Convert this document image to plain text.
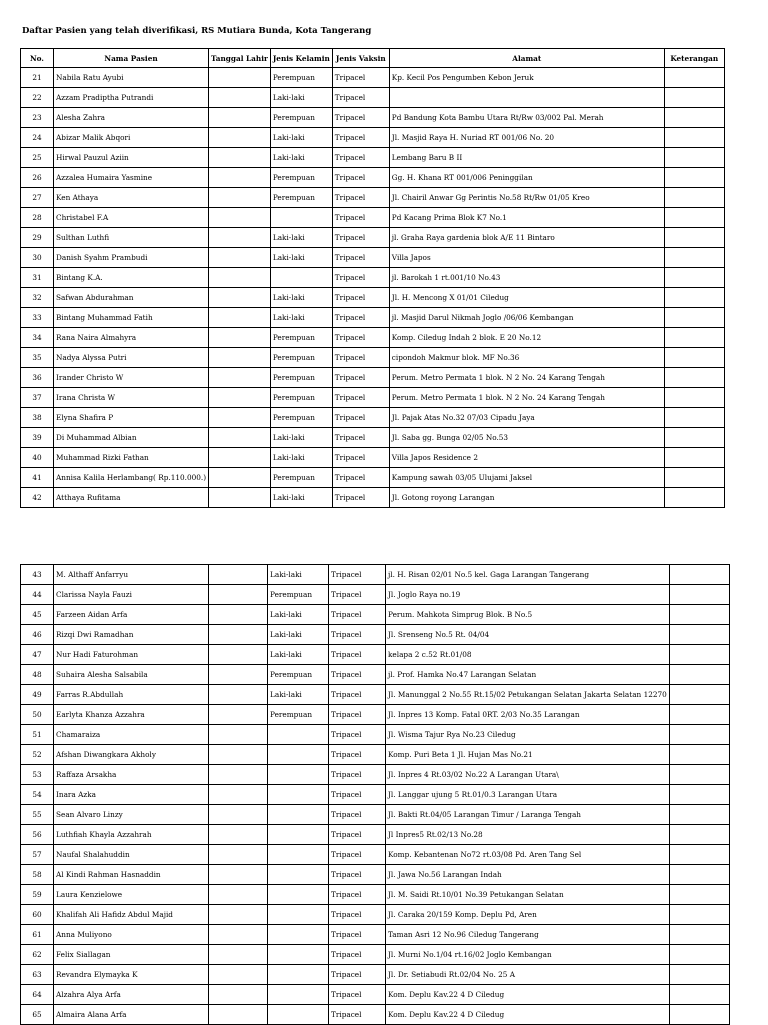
Daftar Pasien yang telah diverifikasi, RS Mutiara Bunda, Kota Tangerang
No.	Nama Pasien	Tanggal Lahir	Jenis Kelamin	Jenis Vaksin	Alamat	Keterangan
21	Nabila Ratu Ayubi		Perempuan	Tripacel	Kp. Kecil Pos Pengumben Kebon Jeruk	
22	Azzam Pradiptha Putrandi		Laki-laki	Tripacel		
23	Alesha Zahra		Perempuan	Tripacel	Pd Bandung Kota Bambu Utara Rt/Rw 03/002 Pal. Merah	
24	Abizar Malik Abqori		Laki-laki	Tripacel	Jl. Masjid Raya H. Nuriad RT 001/06 No. 20	
25	Hirwal Pauzul Aziin		Laki-laki	Tripacel	Lembang Baru B II	
26	Azzalea Humaira Yasmine		Perempuan	Tripacel	Gg. H. Khana RT 001/006 Peninggilan	
27	Ken Athaya		Perempuan	Tripacel	Jl. Chairil Anwar Gg Perintis No.58 Rt/Rw 01/05 Kreo	
28	Christabel F.A			Tripacel	Pd Kacang Prima Blok K7 No.1	
29	Sulthan Luthfi		Laki-laki	Tripacel	jl. Graha Raya gardenia blok A/E 11 Bintaro	
30	Danish Syahm Prambudi		Laki-laki	Tripacel	Villa Japos	
31	Bintang K.A.			Tripacel	jl. Barokah 1 rt.001/10 No.43	
32	Safwan Abdurahman		Laki-laki	Tripacel	Jl. H. Mencong X 01/01 Ciledug	
33	Bintang Muhammad Fatih		Laki-laki	Tripacel	jl. Masjid Darul Nikmah Joglo /06/06 Kembangan	
34	Rana Naira Almahyra		Perempuan	Tripacel	Komp. Ciledug Indah 2 blok. E 20 No.12	
35	Nadya Alyssa Putri		Perempuan	Tripacel	cipondoh Makmur blok. MF No.36	
36	Irander Christo W		Perempuan	Tripacel	Perum. Metro Permata 1 blok. N 2 No. 24 Karang Tengah	
37	Irana Christa W		Perempuan	Tripacel	Perum. Metro Permata 1 blok. N 2 No. 24 Karang Tengah	
38	Elyna Shafira P		Perempuan	Tripacel	Jl. Pajak Atas No.32 07/03 Cipadu Jaya	
39	Di Muhammad Albian		Laki-laki	Tripacel	Jl. Saba gg. Bunga 02/05 No.53	
40	Muhammad Rizki Fathan		Laki-laki	Tripacel	Villa Japos Residence 2	
41	Annisa Kalila Herlambang( Rp.110.000.)		Perempuan	Tripacel	Kampung sawah 03/05 Ulujami Jaksel	
42	Atthaya Rufitama		Laki-laki	Tripacel	Jl. Gotong royong Larangan	
43	M. Althaff Anfarryu		Laki-laki	Tripacel	jl. H. Risan 02/01 No.5 kel. Gaga Larangan Tangerang	
44	Clarissa Nayla Fauzi		Perempuan	Tripacel	Jl. Joglo Raya no.19	
45	Farzeen Aidan Arfa		Laki-laki	Tripacel	Perum. Mahkota Simprug Blok. B No.5	
46	Rizqi Dwi Ramadhan		Laki-laki	Tripacel	Jl. Srenseng No.5 Rt. 04/04	
47	Nur Hadi Faturohman		Laki-laki	Tripacel	kelapa 2 c.52 Rt.01/08	
48	Suhaira Alesha Salsabila		Perempuan	Tripacel	jl. Prof. Hamka No.47 Larangan Selatan	
49	Farras R.Abdullah		Laki-laki	Tripacel	Jl. Manunggal 2 No.55 Rt.15/02 Petukangan Selatan Jakarta Selatan 12270	
50	Earlyta Khanza Azzahra		Perempuan	Tripacel	Jl. Inpres 13 Komp. Fatal 0RT. 2/03 No.35 Larangan	
51	Chamaraiza			Tripacel	Jl. Wisma Tajur Rya No.23 Ciledug	
52	Afshan Diwangkara Akholy			Tripacel	Komp. Puri Beta 1 Jl. Hujan Mas No.21	
53	Raffaza Arsakha			Tripacel	Jl. Inpres 4 Rt.03/02 No.22 A Larangan Utara\	
54	Inara Azka			Tripacel	Jl. Langgar ujung 5 Rt.01/0.3 Larangan Utara	
55	Sean Alvaro Linzy			Tripacel	Jl. Bakti Rt.04/05 Larangan Timur / Laranga Tengah	
56	Luthfiah Khayla Azzahrah			Tripacel	Jl Inpres5 Rt.02/13 No.28	
57	Naufal Shalahuddin			Tripacel	Komp. Kebantenan No72 rt.03/08 Pd. Aren Tang Sel	
58	Al Kindi Rahman Hasnaddin			Tripacel	Jl. Jawa No.56 Larangan Indah	
59	Laura Kenzielowe			Tripacel	Jl. M. Saidi Rt.10/01 No.39 Petukangan Selatan	
60	Khalifah Ali Hafidz Abdul Majid			Tripacel	Jl. Caraka 20/159 Komp. Deplu Pd, Aren	
61	Anna Muliyono			Tripacel	Taman Asri 12 No.96 Ciledug Tangerang	
62	Felix Siallagan			Tripacel	Jl. Murni No.1/04 rt.16/02 Joglo Kembangan	
63	Revandra Elymayka K			Tripacel	Jl. Dr. Setiabudi Rt.02/04 No. 25 A	
64	Alzahra Alya Arfa			Tripacel	Kom. Deplu Kav.22 4 D Ciledug	
65	Almaira Alana Arfa			Tripacel	Kom. Deplu Kav.22 4 D Ciledug	
